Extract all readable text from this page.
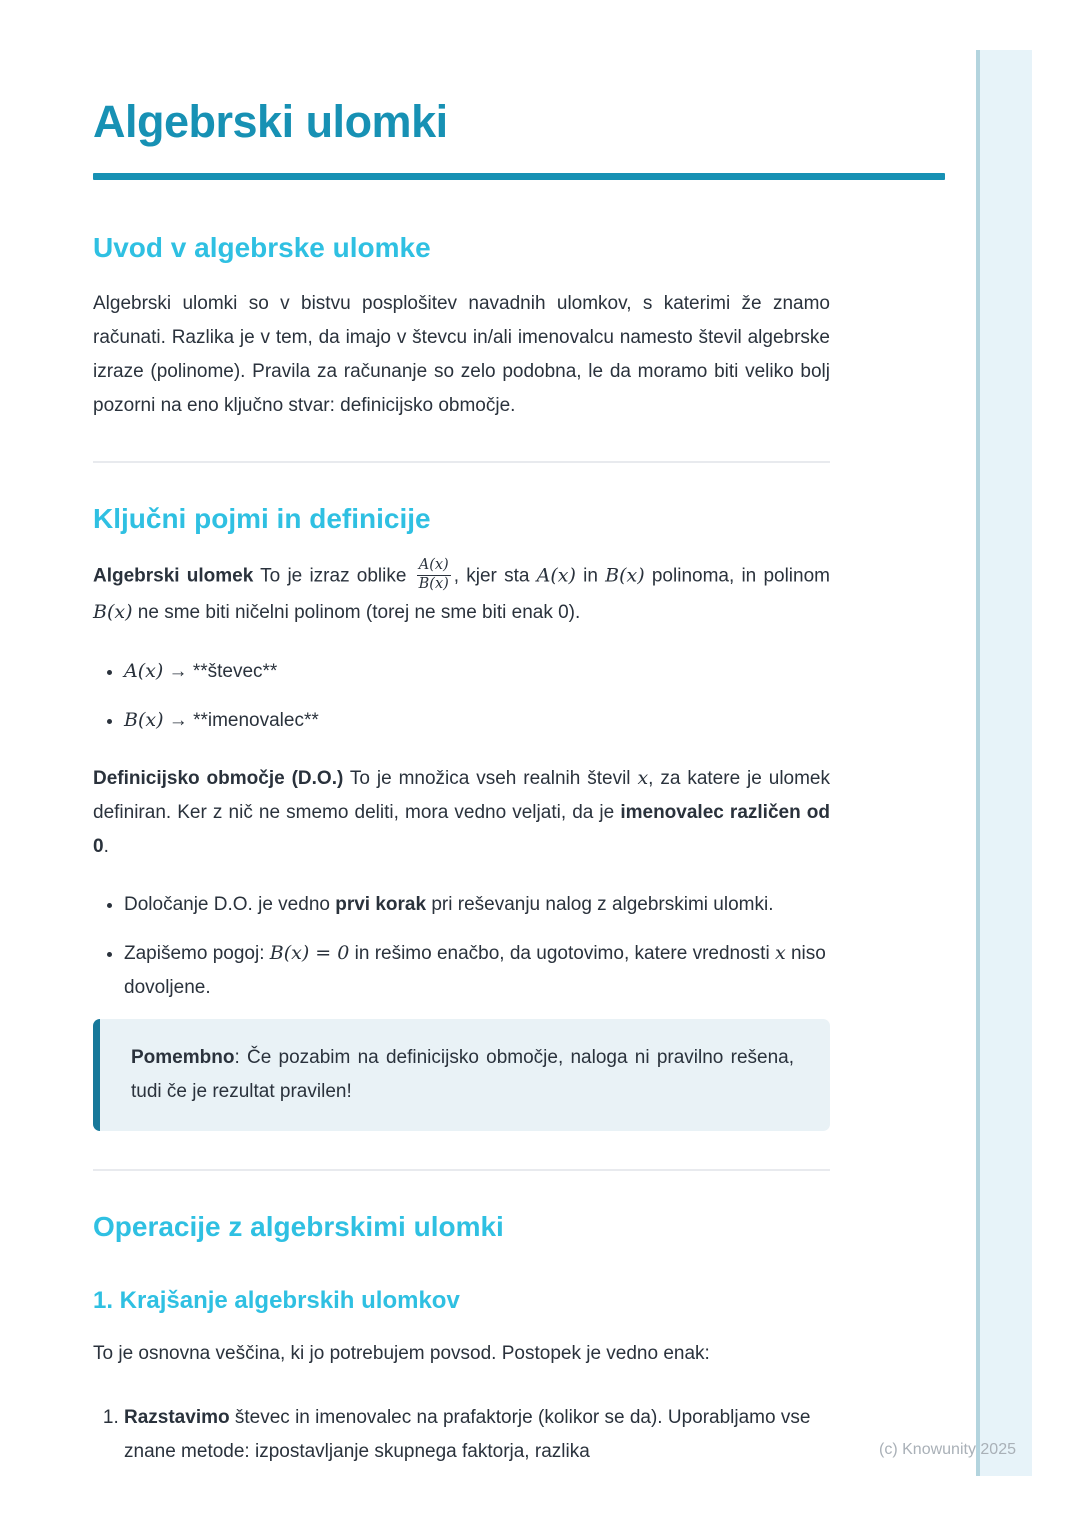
(c) Knowunity 2025
Algebrski ulomki
Uvod v algebrske ulomke

Algebrski ulomki so v bistvu posplošitev navadnih ulomkov, s katerimi že znamo računati. Razlika je v tem, da imajo v števcu in/ali imenovalcu namesto števil algebrske izraze (polinome). Pravila za računanje so zelo podobna, le da moramo biti veliko bolj pozorni na eno ključno stvar: definicijsko območje.

Ključni pojmi in definicije

Algebrski ulomek To je izraz oblike $\frac{A(x)}{B(x)}$ , kjer sta A(x) in B(x) polinoma, in polinom B(x) ne sme biti ničelni polinom (torej ne sme biti enak 0).

• A(x) → **števec**
• B(x) → **imenovalec**

Definicijsko območje (D.O.) To je množica vseh realnih števil x, za katere je ulomek definiran. Ker z nič ne smemo deliti, mora vedno veljati, da je imenovalec različen od 0.

• Določanje D.O. je vedno prvi korak pri reševanju nalog z algebrskimi ulomki.
• Zapišemo pogoj: B(x) = 0 in rešimo enačbo, da ugotovimo, katere vrednosti x niso dovoljene.

Pomembno: Če pozabim na definicijsko območje, naloga ni pravilno rešena, tudi če je rezultat pravilen!

Operacije z algebrskimi ulomki
1. Krajšanje algebrskih ulomkov

To je osnovna veščina, ki jo potrebujem povsod. Postopek je vedno enak:

1. Razstavimo števec in imenovalec na prafaktorje (kolikor se da). Uporabljamo vse znane metode: izpostavljanje skupnega faktorja, razlika
